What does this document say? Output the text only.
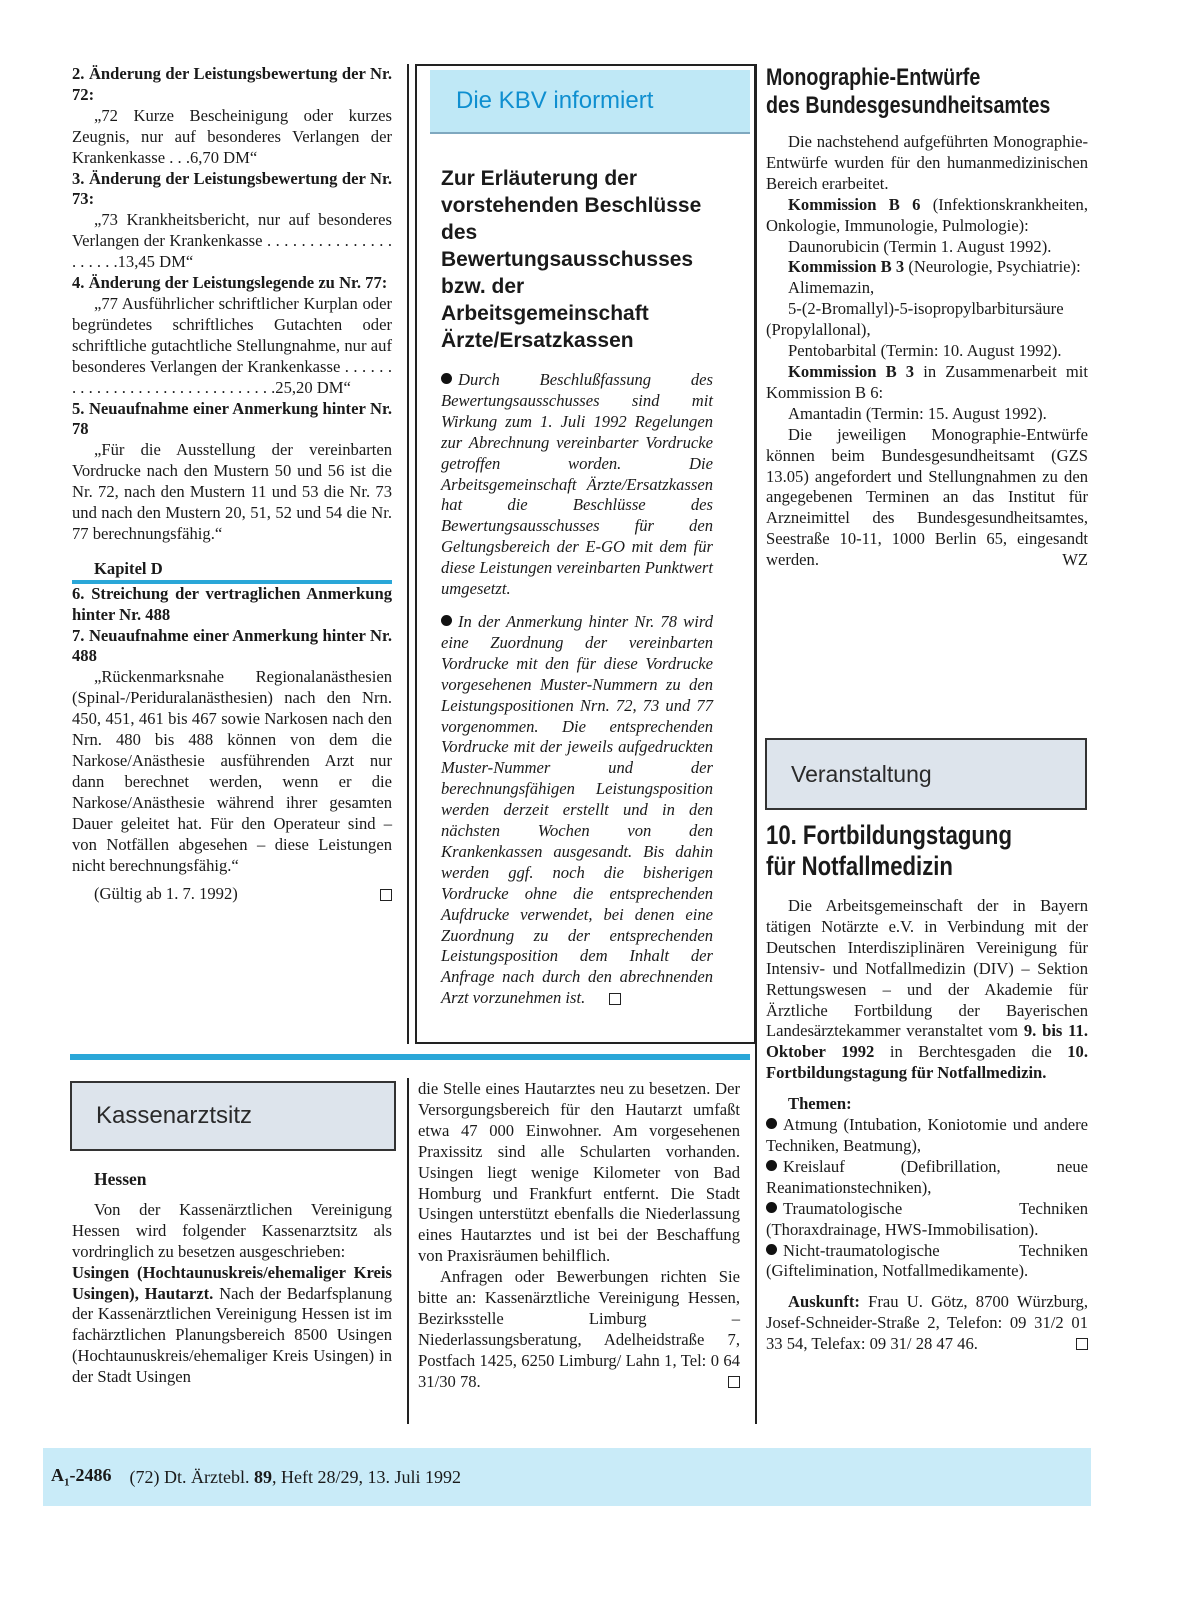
2. Änderung der Leistungsbewertung der Nr. 72:

„72 Kurze Bescheinigung oder kurzes Zeugnis, nur auf besonderes Verlangen der Krankenkasse . . .6,70 DM“

3. Änderung der Leistungsbewertung der Nr. 73:

„73 Krankheitsbericht, nur auf besonderes Verlangen der Krankenkasse . . . . . . . . . . . . . . . . . . . . .13,45 DM“

4. Änderung der Leistungslegende zu Nr. 77:

„77 Ausführlicher schriftlicher Kurplan oder begründetes schriftliches Gutachten oder schriftliche gutachtliche Stellungnahme, nur auf besonderes Verlangen der Krankenkasse . . . . . . . . . . . . . . . . . . . . . . . . . . . . . . .25,20 DM“

5. Neuaufnahme einer Anmerkung hinter Nr. 78

„Für die Ausstellung der vereinbarten Vordrucke nach den Mustern 50 und 56 ist die Nr. 72, nach den Mustern 11 und 53 die Nr. 73 und nach den Mustern 20, 51, 52 und 54 die Nr. 77 berechnungsfähig.“

Kapitel D

6. Streichung der vertraglichen Anmerkung hinter Nr. 488

7. Neuaufnahme einer Anmerkung hinter Nr. 488

„Rückenmarksnahe Regionalanästhesien (Spinal-/Periduralanästhesien) nach den Nrn. 450, 451, 461 bis 467 sowie Narkosen nach den Nrn. 480 bis 488 können von dem die Narkose/Anästhesie ausführenden Arzt nur dann berechnet werden, wenn er die Narkose/Anästhesie während ihrer gesamten Dauer geleitet hat. Für den Operateur sind – von Notfällen abgesehen – diese Leistungen nicht berechnungsfähig.“

(Gültig ab 1. 7. 1992)

Die KBV informiert

Zur Erläuterung der vorstehenden Beschlüsse des Bewertungsausschusses bzw. der Arbeitsgemeinschaft Ärzte/Ersatzkassen

Durch Beschlußfassung des Bewertungsausschusses sind mit Wirkung zum 1. Juli 1992 Regelungen zur Abrechnung vereinbarter Vordrucke getroffen worden. Die Arbeitsgemeinschaft Ärzte/Ersatzkassen hat die Beschlüsse des Bewertungsausschusses für den Geltungsbereich der E-GO mit dem für diese Leistungen vereinbarten Punktwert umgesetzt.

In der Anmerkung hinter Nr. 78 wird eine Zuordnung der vereinbarten Vordrucke mit den für diese Vordrucke vorgesehenen Muster-Nummern zu den Leistungspositionen Nrn. 72, 73 und 77 vorgenommen. Die entsprechenden Vordrucke mit der jeweils aufgedruckten Muster-Nummer und der berechnungsfähigen Leistungsposition werden derzeit erstellt und in den nächsten Wochen von den Krankenkassen ausgesandt. Bis dahin werden ggf. noch die bisherigen Vordrucke ohne die entsprechenden Aufdrucke verwendet, bei denen eine Zuordnung zu der entsprechenden Leistungsposition dem Inhalt der Anfrage nach durch den abrechnenden Arzt vorzunehmen ist.

Monographie-Entwürfe

des Bundesgesundheitsamtes

Die nachstehend aufgeführten Monographie-Entwürfe wurden für den humanmedizinischen Bereich erarbeitet.

Kommission B 6 (Infektionskrankheiten, Onkologie, Immunologie, Pulmologie):

Daunorubicin (Termin 1. August 1992).

Kommission B 3 (Neurologie, Psychiatrie):

Alimemazin,

5-(2-Bromallyl)-5-isopropylbarbitursäure (Propylallonal),

Pentobarbital (Termin: 10. August 1992).

Kommission B 3 in Zusammenarbeit mit Kommission B 6:

Amantadin (Termin: 15. August 1992).

Die jeweiligen Monographie-Entwürfe können beim Bundesgesundheitsamt (GZS 13.05) angefordert und Stellungnahmen zu den angegebenen Terminen an das Institut für Arzneimittel des Bundesgesundheitsamtes, Seestraße 10-11, 1000 Berlin 65, eingesandt werden.	WZ

Veranstaltung

10. Fortbildungstagung

für Notfallmedizin

Die Arbeitsgemeinschaft der in Bayern tätigen Notärzte e.V. in Verbindung mit der Deutschen Interdisziplinären Vereinigung für Intensiv- und Notfallmedizin (DIV) – Sektion Rettungswesen – und der Akademie für Ärztliche Fortbildung der Bayerischen Landesärztekammer veranstaltet vom 9. bis 11. Oktober 1992 in Berchtesgaden die 10. Fortbildungstagung für Notfallmedizin.

Themen:

Atmung (Intubation, Koniotomie und andere Techniken, Beatmung),

Kreislauf (Defibrillation, neue Reanimationstechniken),

Traumatologische Techniken (Thoraxdrainage, HWS-Immobilisation).

Nicht-traumatologische Techniken (Giftelimination, Notfallmedikamente).

Auskunft: Frau U. Götz, 8700 Würzburg, Josef-Schneider-Straße 2, Telefon: 09 31/2 01 33 54, Telefax: 09 31/ 28 47 46.

Kassenarztsitz

Hessen

Von der Kassenärztlichen Vereinigung Hessen wird folgender Kassenarztsitz als vordringlich zu besetzen ausgeschrieben:

Usingen (Hochtaunuskreis/ehemaliger Kreis Usingen), Hautarzt. Nach der Bedarfsplanung der Kassenärztlichen Vereinigung Hessen ist im fachärztlichen Planungsbereich 8500 Usingen (Hochtaunuskreis/ehemaliger Kreis Usingen) in der Stadt Usingen

die Stelle eines Hautarztes neu zu besetzen. Der Versorgungsbereich für den Hautarzt umfaßt etwa 47 000 Einwohner. Am vorgesehenen Praxissitz sind alle Schularten vorhanden. Usingen liegt wenige Kilometer von Bad Homburg und Frankfurt entfernt. Die Stadt Usingen unterstützt ebenfalls die Niederlassung eines Hautarztes und ist bei der Beschaffung von Praxisräumen behilflich.

Anfragen oder Bewerbungen richten Sie bitte an: Kassenärztliche Vereinigung Hessen, Bezirksstelle Limburg – Niederlassungsberatung, Adelheidstraße 7, Postfach 1425, 6250 Limburg/ Lahn 1, Tel: 0 64 31/30 78.

$A_1-2486$ (72) Dt. Ärztebl. 89, Heft 28/29, 13. Juli 1992
